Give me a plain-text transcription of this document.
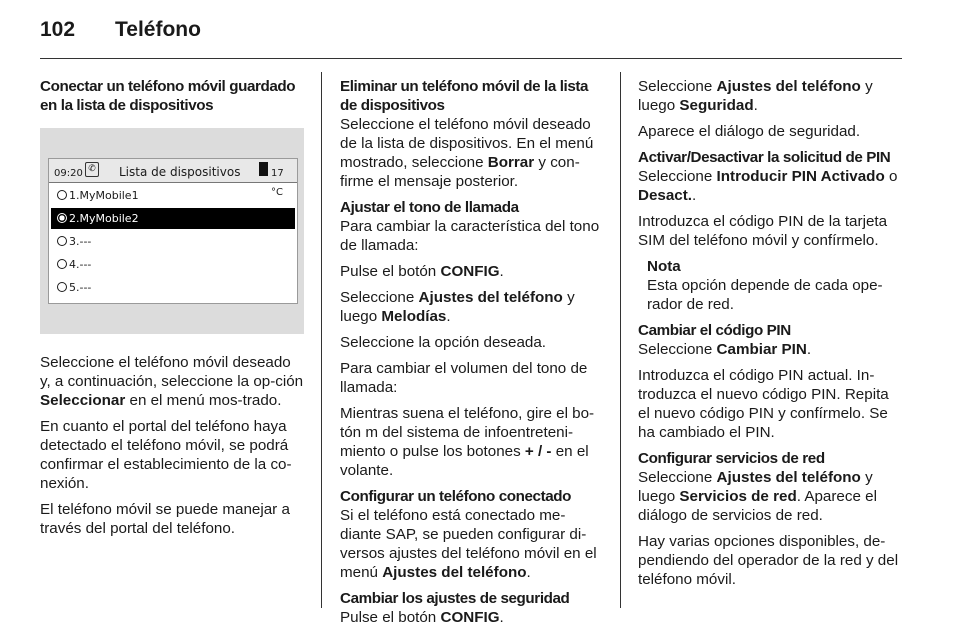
102 Teléfono
Conectar un teléfono móvil guardado en la lista de dispositivos
09:20 ✆ Lista de dispositivos	17 °C
1.MyMobile1
2.MyMobile2
3.---
4.---
5.---

Seleccione el teléfono móvil deseado y, a continuación, seleccione la op-ción Seleccionar en el menú mos-trado.

En cuanto el portal del teléfono haya detectado el teléfono móvil, se podrá confirmar el establecimiento de la co-nexión.

El teléfono móvil se puede manejar a través del portal del teléfono.

Eliminar un teléfono móvil de la lista de dispositivos

Seleccione el teléfono móvil deseado de la lista de dispositivos. En el menú mostrado, seleccione Borrar y con-firme el mensaje posterior.

Ajustar el tono de llamada

Para cambiar la característica del tono de llamada:

Pulse el botón CONFIG.

Seleccione Ajustes del teléfono y luego Melodías.

Seleccione la opción deseada.

Para cambiar el volumen del tono de llamada:

Mientras suena el teléfono, gire el bo-tón m del sistema de infoentreteni-miento o pulse los botones + / - en el volante.

Configurar un teléfono conectado

Si el teléfono está conectado me-diante SAP, se pueden configurar di-versos ajustes del teléfono móvil en el menú Ajustes del teléfono.

Cambiar los ajustes de seguridad

Pulse el botón CONFIG.

Seleccione Ajustes del teléfono y luego Seguridad.

Aparece el diálogo de seguridad.

Activar/Desactivar la solicitud de PIN

Seleccione Introducir PIN Activado o Desact..

Introduzca el código PIN de la tarjeta SIM del teléfono móvil y confírmelo.

Nota

Esta opción depende de cada ope-rador de red.

Cambiar el código PIN

Seleccione Cambiar PIN.

Introduzca el código PIN actual. In-troduzca el nuevo código PIN. Repita el nuevo código PIN y confírmelo. Se ha cambiado el PIN.

Configurar servicios de red

Seleccione Ajustes del teléfono y luego Servicios de red. Aparece el diálogo de servicios de red.

Hay varias opciones disponibles, de-pendiendo del operador de la red y del teléfono móvil.
